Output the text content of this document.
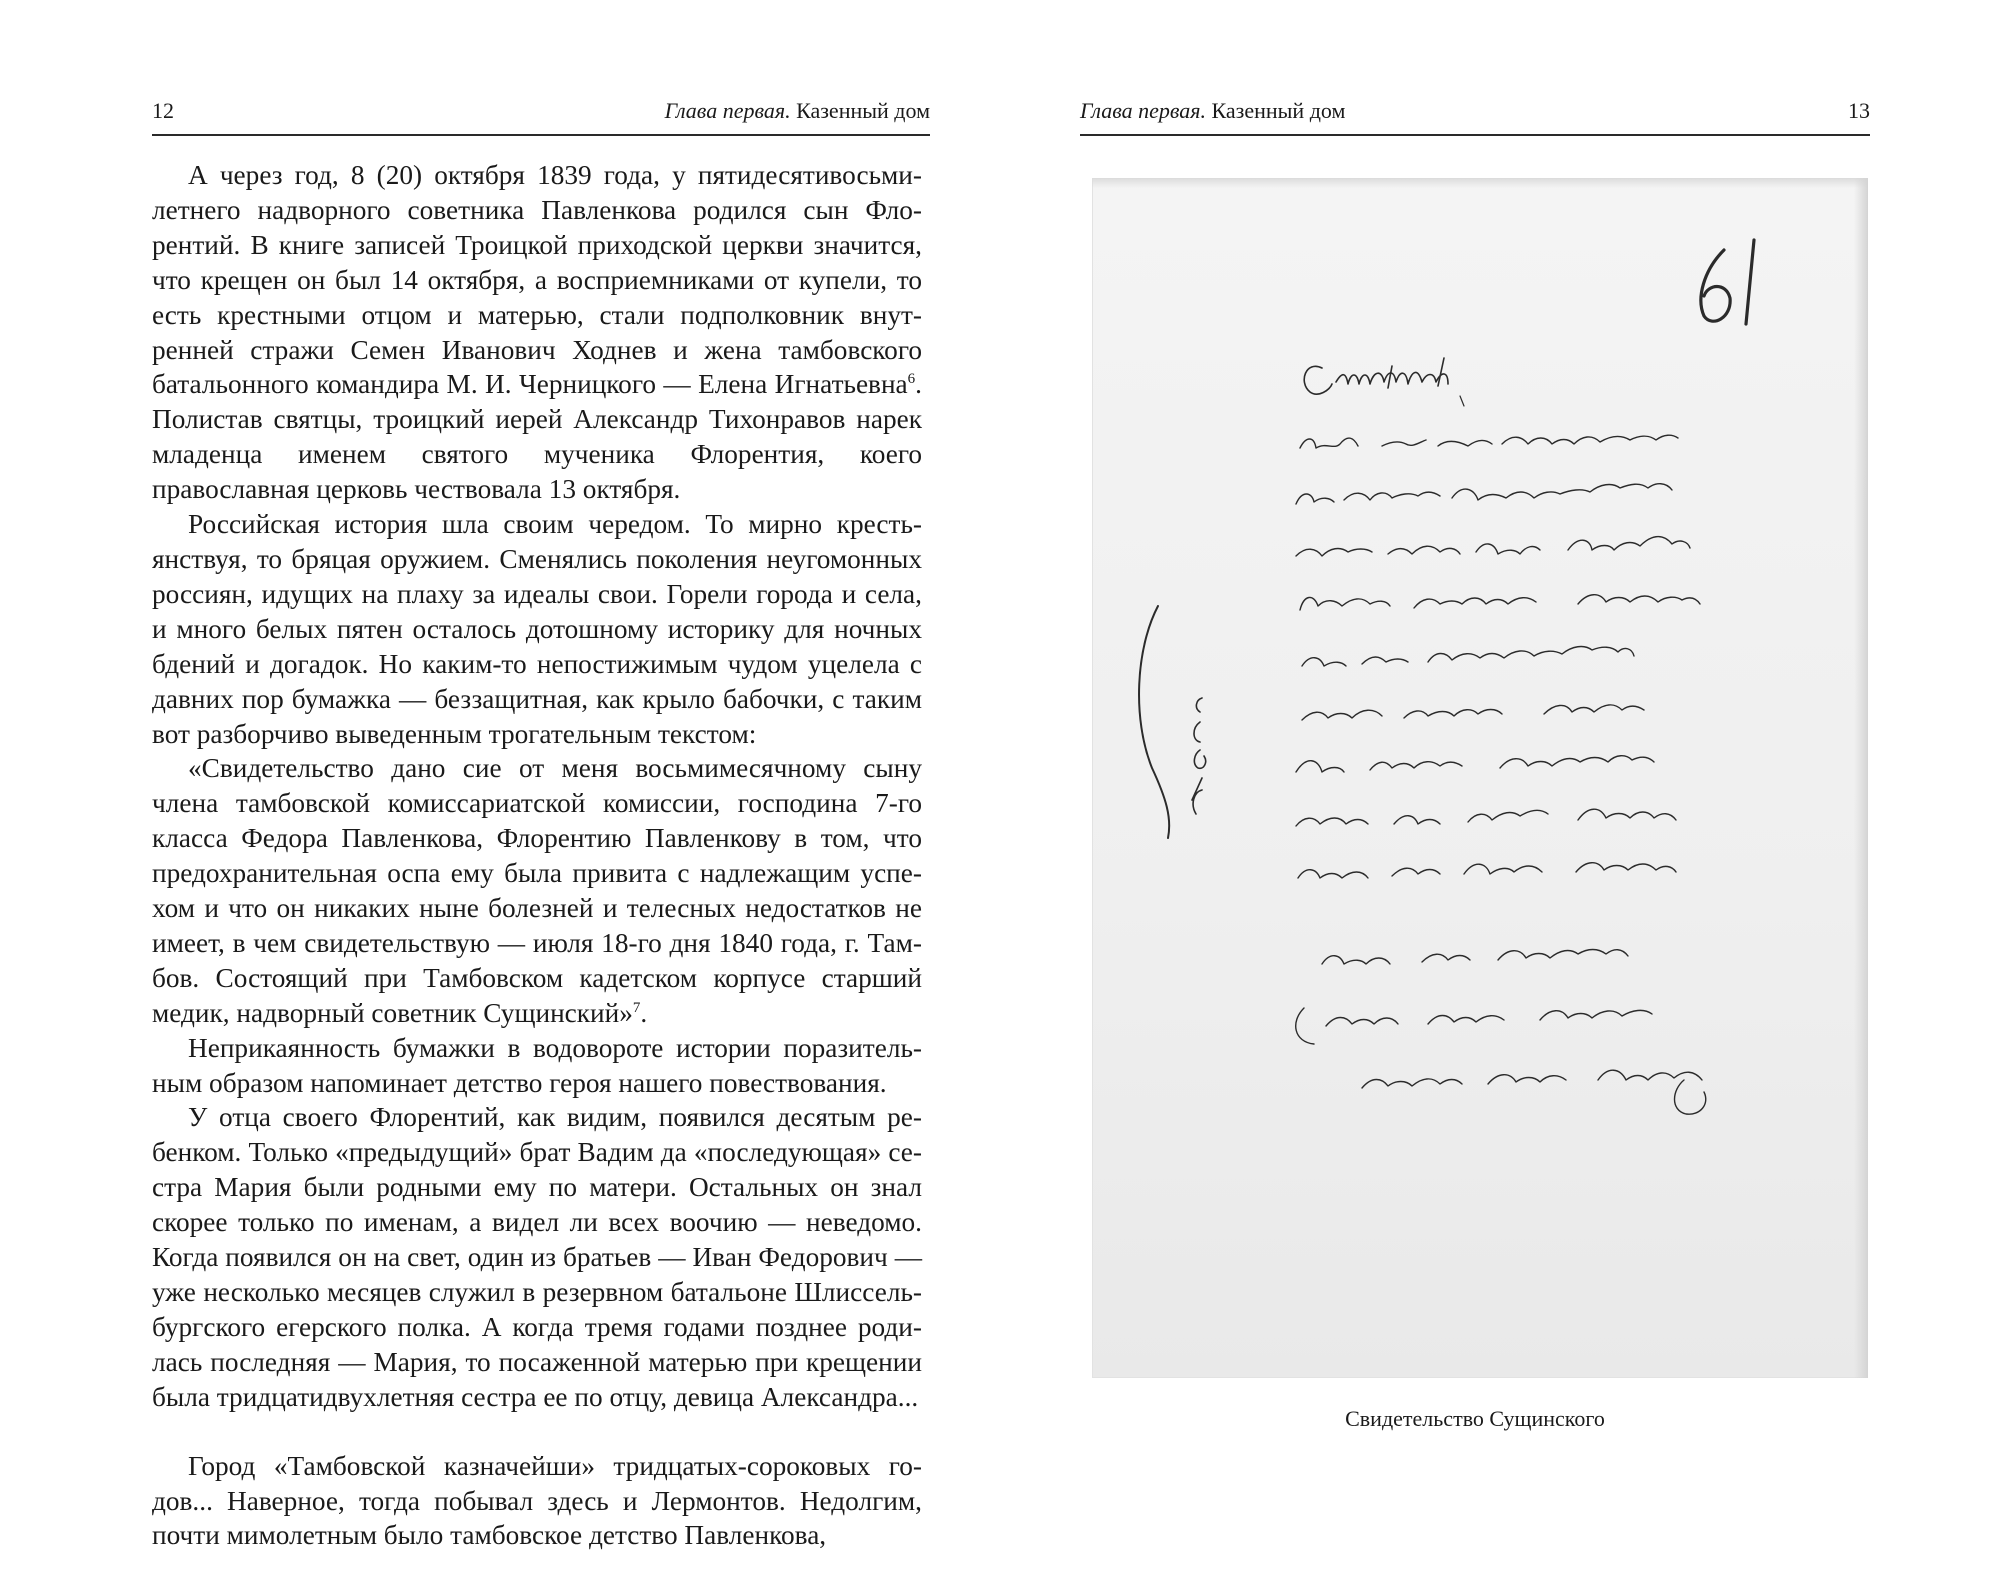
12	Глава первая. Казенный дом

А через год, 8 (20) октября 1839 года, у пятидесятивосьмилетнего надворного советника Павленкова родился сын Флорентий. В книге записей Троицкой приходской церкви значится, что крещен он был 14 октября, а восприемниками от купели, то есть крестными отцом и матерью, стали подполковник внутренней стражи Семен Иванович Ходнев и жена тамбовского батальонного командира М. И. Черницкого — Елена Игнатьевна$^6$. Полистав святцы, троицкий иерей Александр Тихонравов нарек младенца именем святого мученика Флорентия, коего православная церковь чествовала 13 октября.

Российская история шла своим чередом. То мирно крестьянствуя, то бряцая оружием. Сменялись поколения неугомонных россиян, идущих на плаху за идеалы свои. Горели города и села, и много белых пятен осталось дотошному историку для ночных бдений и догадок. Но каким-то непостижимым чудом уцелела с давних пор бумажка — беззащитная, как крыло бабочки, с таким вот разборчиво выведенным трогательным текстом:

«Свидетельство дано сие от меня восьмимесячному сыну члена тамбовской комиссариатской комиссии, господина 7-го класса Федора Павленкова, Флорентию Павленкову в том, что предохранительная оспа ему была привита с надлежащим успехом и что он никаких ныне болезней и телесных недостатков не имеет, в чем свидетельствую — июля 18-го дня 1840 года, г. Тамбов. Состоящий при Тамбовском кадетском корпусе старший медик, надворный советник Сущинский»$^7$.

Неприкаянность бумажки в водовороте истории поразительным образом напоминает детство героя нашего повествования.

У отца своего Флорентий, как видим, появился десятым ребенком. Только «предыдущий» брат Вадим да «последующая» сестра Мария были родными ему по матери. Остальных он знал скорее только по именам, а видел ли всех воочию — неведомо. Когда появился он на свет, один из братьев — Иван Федорович — уже несколько месяцев служил в резервном батальоне Шлиссельбургского егерского полка. А когда тремя годами позднее родилась последняя — Мария, то посаженной матерью при крещении была тридцатидвухлетняя сестра ее по отцу, девица Александра...

Город «Тамбовской казначейши» тридцатых-сороковых годов... Наверное, тогда побывал здесь и Лермонтов. Недолгим, почти мимолетным было тамбовское детство Павленкова,

Глава первая. Казенный дом	13
Свидетельство Сущинского
